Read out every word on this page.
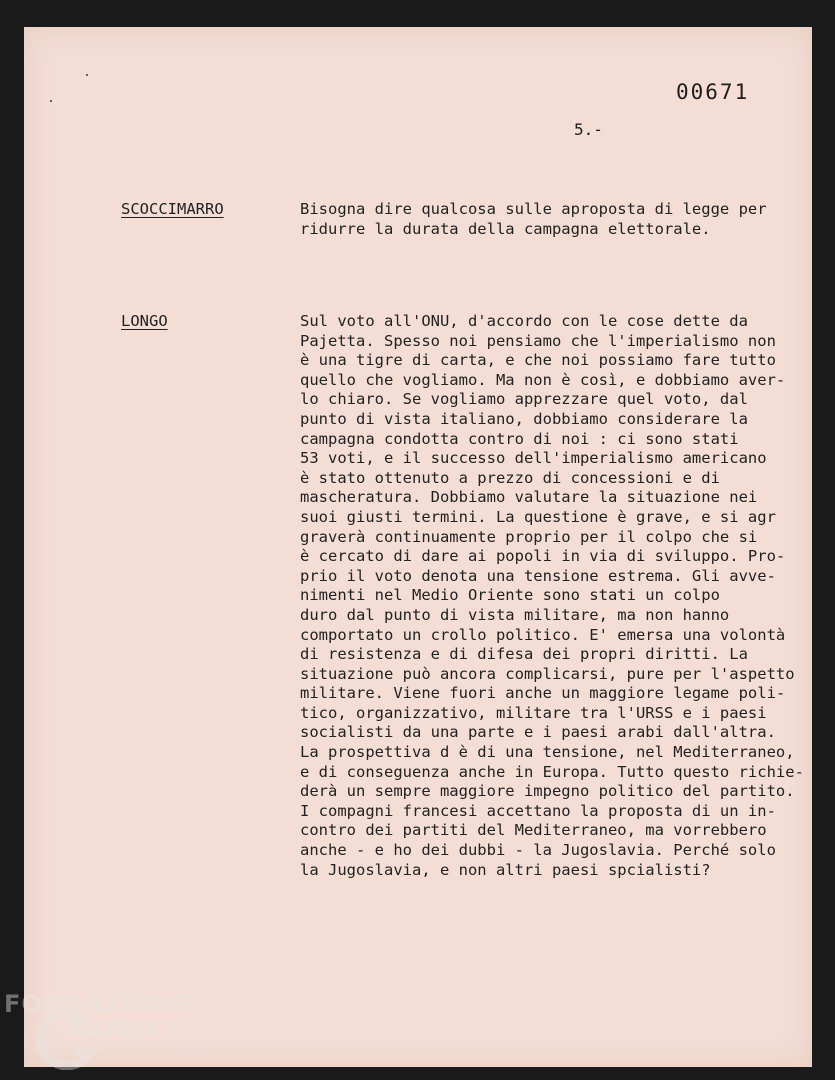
00671
5.-
SCOCCIMARRO	Bisogna dire qualcosa sulle aproposta di legge per
ridurre la durata della campagna elettorale.
LONGO	Sul voto all'ONU, d'accordo con le cose dette da
Pajetta. Spesso noi pensiamo che l'imperialismo non
è una tigre di carta, e che noi possiamo fare tutto
quello che vogliamo. Ma non è così, e dobbiamo aver-
lo chiaro. Se vogliamo apprezzare quel voto, dal
punto di vista italiano, dobbiamo considerare la
campagna condotta contro di noi : ci sono stati
53 voti, e il successo dell'imperialismo americano
è stato ottenuto a prezzo di concessioni e di
mascheratura. Dobbiamo valutare la situazione nei
suoi giusti termini. La questione è grave, e si agr
graverà continuamente proprio per il colpo che si
è cercato di dare ai popoli in via di sviluppo. Pro-
prio il voto denota una tensione estrema. Gli avve-
nimenti nel Medio Oriente sono stati un colpo
duro dal punto di vista militare, ma non hanno
comportato un crollo politico. E' emersa una volontà
di resistenza e di difesa dei propri diritti. La
situazione può ancora complicarsi, pure per l'aspetto
militare. Viene fuori anche un maggiore legame poli-
tico, organizzativo, militare tra l'URSS e i paesi
socialisti da una parte e i paesi arabi dall'altra.
La prospettiva d è di una tensione, nel Mediterraneo,
e di conseguenza anche in Europa. Tutto questo richie-
derà un sempre maggiore impegno politico del partito.
I compagni francesi accettano la proposta di un in-
contro dei partiti del Mediterraneo, ma vorrebbero
anche - e ho dei dubbi - la Jugoslavia. Perché solo
la Jugoslavia, e non altri paesi spcialisti?
FONDAZIONE
RAMSCI
onlus
